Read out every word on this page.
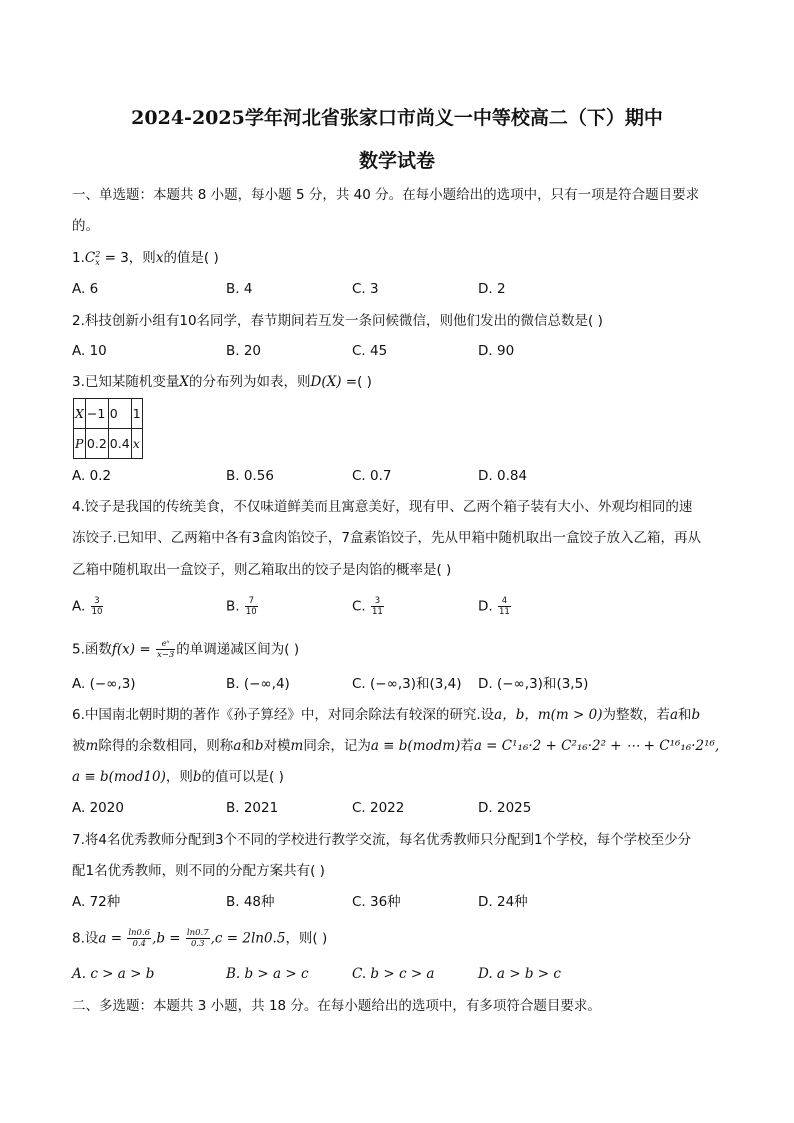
2024-2025学年河北省张家口市尚义一中等校高二（下）期中
数学试卷
一、单选题：本题共 8 小题，每小题 5 分，共 40 分。在每小题给出的选项中，只有一项是符合题目要求
的。
1.C 2
x = 3，则x的值是( )
A. 6	B. 4	C. 3	D. 2
2.科技创新小组有10名同学，春节期间若互发一条问候微信，则他们发出的微信总数是( )
A. 10	B. 20	C. 45	D. 90
3.已知某随机变量X的分布列为如表，则D(X) =( )
X	−1	0	1
P	0.2	0.4	x
A. 0.2	B. 0.56	C. 0.7	D. 0.84
4.饺子是我国的传统美食，不仅味道鲜美而且寓意美好，现有甲、乙两个箱子装有大小、外观均相同的速
冻饺子.已知甲、乙两箱中各有3盒肉馅饺子，7盒素馅饺子，先从甲箱中随机取出一盒饺子放入乙箱，再从
乙箱中随机取出一盒饺子，则乙箱取出的饺子是肉馅的概率是( )
A. $\frac{3}{10}$	B. $\frac{7}{10}$	C. $\frac{3}{11}$	D. $\frac{4}{11}$
5.函数$f(x) = \frac{\text{eˣ}}{x-3}$ 的单调递减区间为( )
A. (−∞,3)	B. (−∞,4)	C. (−∞,3)和(3,4) D. (−∞,3)和(3,5)
6.中国南北朝时期的著作《孙子算经》中，对同余除法有较深的研究.设a，b，m(m > 0)为整数，若a和b
被m除得的余数相同，则称a和b对模m同余，记为a ≡ b(modm)若a = C¹₁₆·2 + C²₁₆·2² + ⋯ + C¹⁶₁₆·2¹⁶,
a ≡ b(mod10)，则b的值可以是( )
A. 2020	B. 2021	C. 2022	D. 2025
7.将4名优秀教师分配到3个不同的学校进行教学交流，每名优秀教师只分配到1个学校，每个学校至少分
配1名优秀教师，则不同的分配方案共有( )
A. 72种	B. 48种	C. 36种	D. 24种
8.设$a = \frac{\ln 0.6}{0.4} ,b = \frac{\ln 0.7}{0.3} ,c = 2\ln 0.5$，则( )
A. c > a > b	B. b > a > c	C. b > c > a	D. a > b > c
二、多选题：本题共 3 小题，共 18 分。在每小题给出的选项中，有多项符合题目要求。
